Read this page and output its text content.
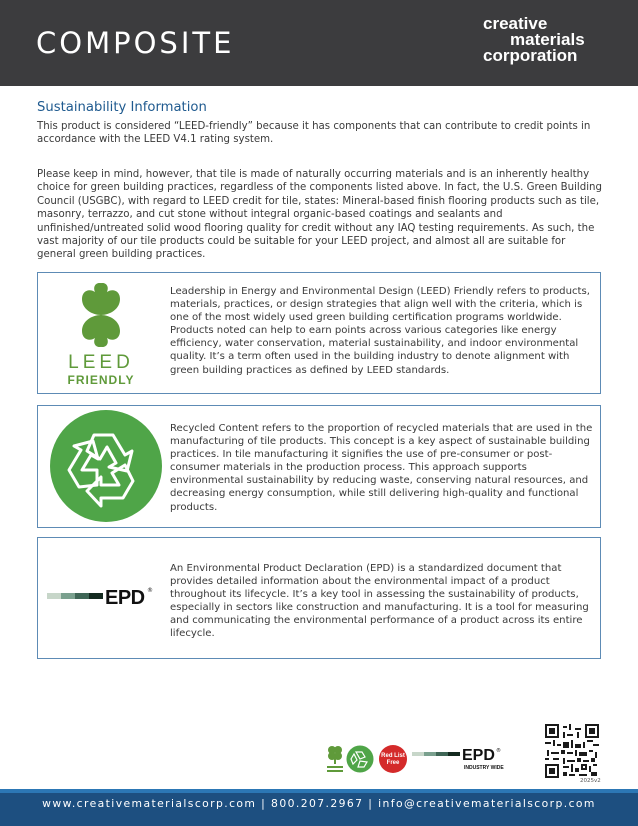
COMPOSITE
creative
materials
corporation
Sustainability Information
This product is considered “LEED-friendly” because it has components that can contribute to credit points in accordance with the LEED V4.1 rating system.
Please keep in mind, however, that tile is made of naturally occurring materials and is an inherently healthy choice for green building practices, regardless of the components listed above. In fact, the U.S. Green Building Council (USGBC), with regard to LEED credit for tile, states: Mineral-based finish flooring products such as tile, masonry, terrazzo, and cut stone without integral organic-based coatings and sealants and unfinished/untreated solid wood flooring quality for credit without any IAQ testing requirements. As such, the vast majority of our tile products could be suitable for your LEED project, and almost all are suitable for general green building practices.
LEED
FRIENDLY
Leadership in Energy and Environmental Design (LEED) Friendly refers to products, materials, practices, or design strategies that align well with the criteria, which is one of the most widely used green building certification programs worldwide. Products noted can help to earn points across various categories like energy efficiency, water conservation, material sustainability, and indoor environmental quality. It’s a term often used in the building industry to denote alignment with green building practices as defined by LEED standards.
Recycled Content refers to the proportion of recycled materials that are used in the manufacturing of tile products. This concept is a key aspect of sustainable building practices. In tile manufacturing it signifies the use of pre-consumer or post-consumer materials in the production process. This approach supports environmental sustainability by reducing waste, conserving natural resources, and decreasing energy consumption, while still delivering high-quality and functional products.
EPD ®
An Environmental Product Declaration (EPD) is a standardized document that provides detailed information about the environmental impact of a product throughout its lifecycle. It’s a key tool in assessing the sustainability of products, especially in sectors like construction and manufacturing. It is a tool for measuring and communicating the environmental performance of a product across its entire lifecycle.
Red List
Free	EPD ®
INDUSTRY WIDE
2025v2
www.creativematerialscorp.com | 800.207.2967 | info@creativematerialscorp.com
